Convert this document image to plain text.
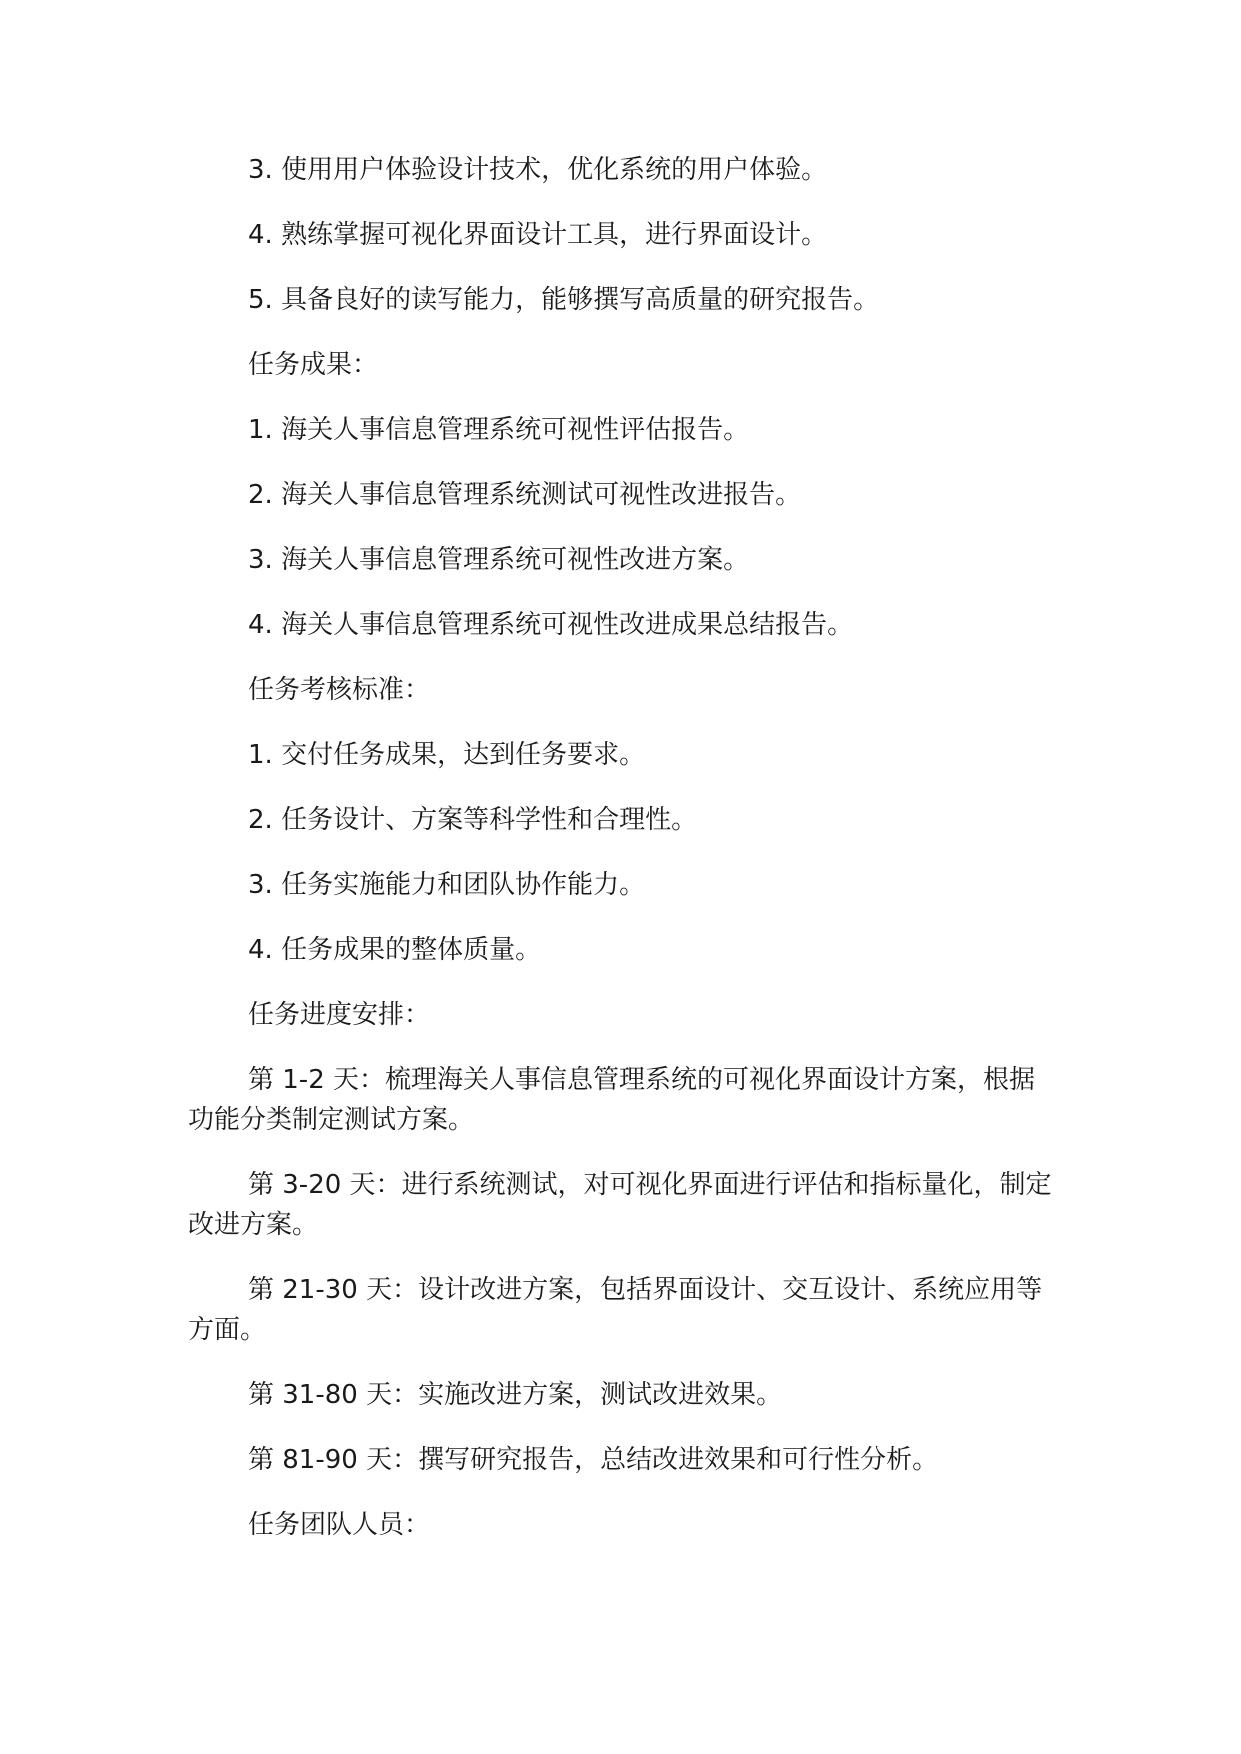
3. 使用用户体验设计技术，优化系统的用户体验。

4. 熟练掌握可视化界面设计工具，进行界面设计。

5. 具备良好的读写能力，能够撰写高质量的研究报告。

任务成果：

1. 海关人事信息管理系统可视性评估报告。

2. 海关人事信息管理系统测试可视性改进报告。

3. 海关人事信息管理系统可视性改进方案。

4. 海关人事信息管理系统可视性改进成果总结报告。

任务考核标准：

1. 交付任务成果，达到任务要求。

2. 任务设计、方案等科学性和合理性。

3. 任务实施能力和团队协作能力。

4. 任务成果的整体质量。

任务进度安排：

第 1-2 天：梳理海关人事信息管理系统的可视化界面设计方案，根据功能分类制定测试方案。

第 3-20 天：进行系统测试，对可视化界面进行评估和指标量化，制定改进方案。

第 21-30 天：设计改进方案，包括界面设计、交互设计、系统应用等方面。

第 31-80 天：实施改进方案，测试改进效果。

第 81-90 天：撰写研究报告，总结改进效果和可行性分析。

任务团队人员：
